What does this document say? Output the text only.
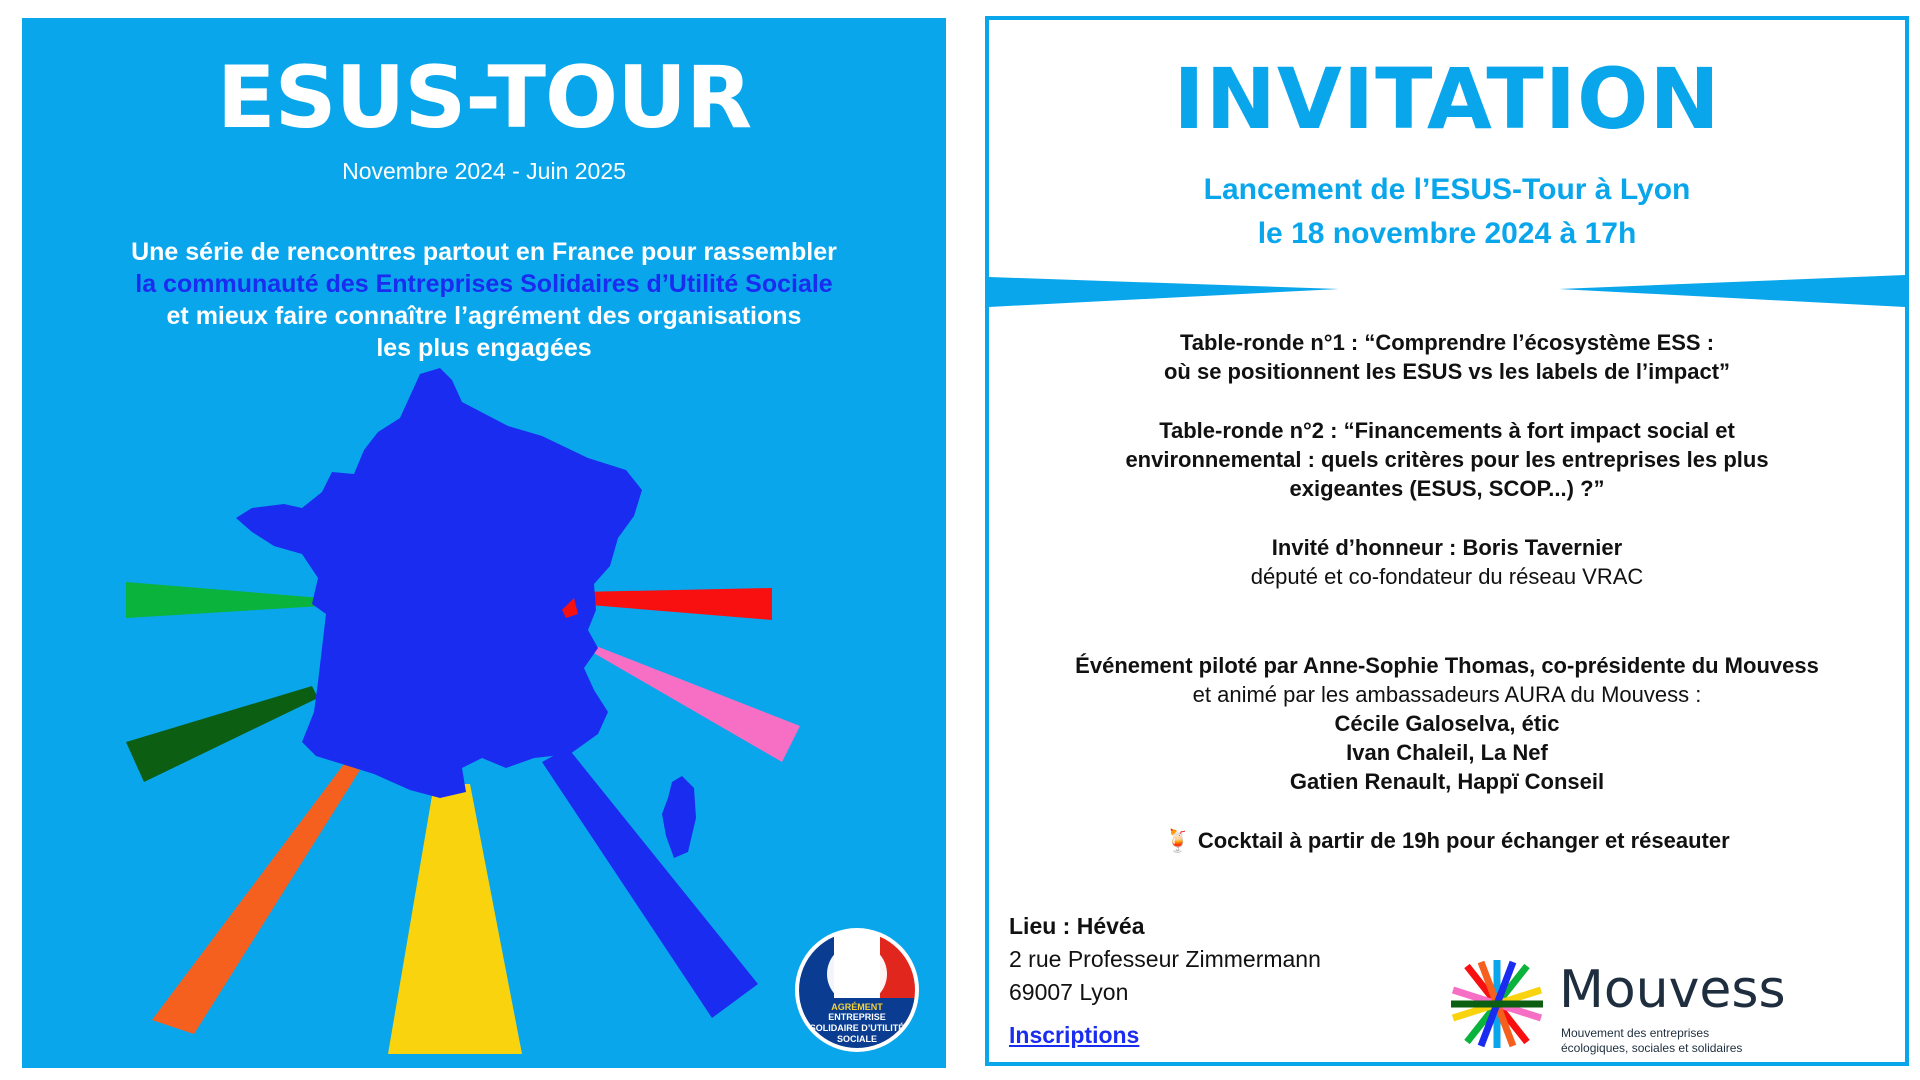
ESUS-TOUR
Novembre 2024 - Juin 2025
Une série de rencontres partout en France pour rassembler
la communauté des Entreprises Solidaires d’Utilité Sociale
et mieux faire connaître l’agrément des organisations
les plus engagées
AGRÉMENT
ENTREPRISE SOLIDAIRE D’UTILITÉ SOCIALE
INVITATION
Lancement de l’ESUS-Tour à Lyon
le 18 novembre 2024 à 17h

Table-ronde n°1 : “Comprendre l’écosystème ESS :

où se positionnent les ESUS vs les labels de l’impact”

Table-ronde n°2 : “Financements à fort impact social et

environnemental : quels critères pour les entreprises les plus

exigeantes (ESUS, SCOP...) ?”

Invité d’honneur : Boris Tavernier

député et co-fondateur du réseau VRAC

Événement piloté par Anne-Sophie Thomas, co-présidente du Mouvess

et animé par les ambassadeurs AURA du Mouvess :

Cécile Galoselva, étic

Ivan Chaleil, La Nef

Gatien Renault, Happï Conseil

🍹 Cocktail à partir de 19h pour échanger et réseauter

Lieu : Hévéa
2 rue Professeur Zimmermann
69007 Lyon
Inscriptions
Mouvess
Mouvement des entreprises
écologiques, sociales et solidaires
